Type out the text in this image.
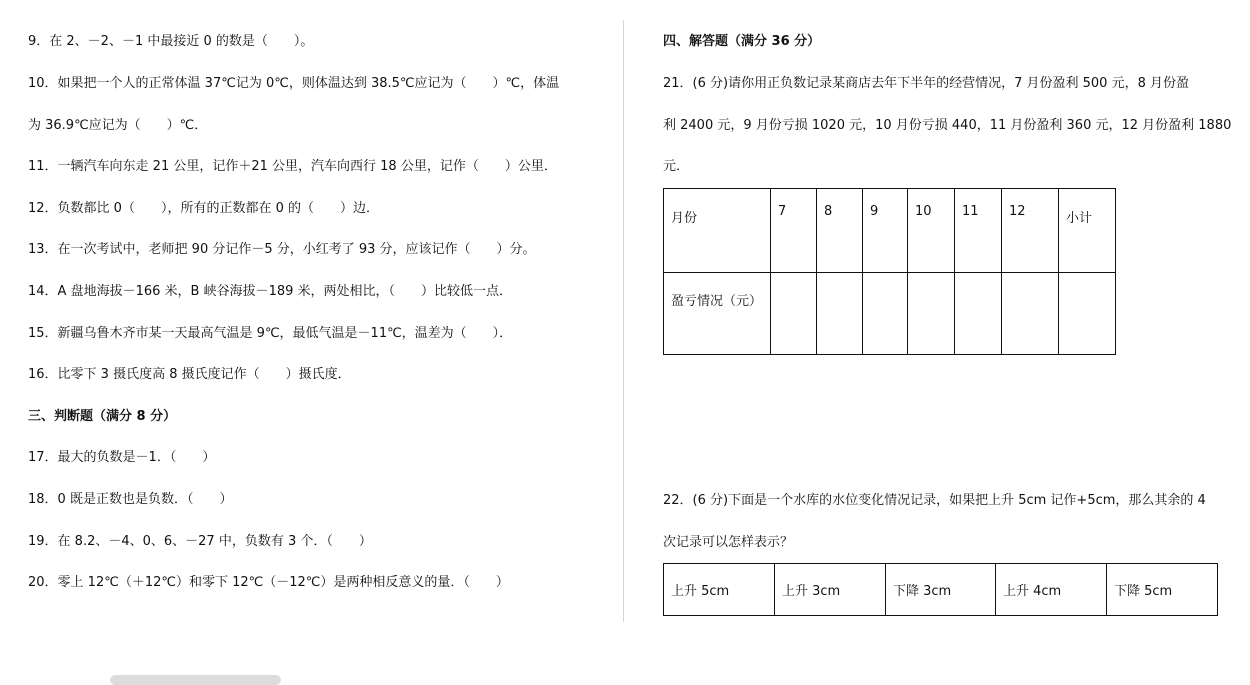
9．在 2、－2、－1 中最接近 0 的数是（　　）。
10．如果把一个人的正常体温 37℃记为 0℃，则体温达到 38.5℃应记为（　　）℃，体温
为 36.9℃应记为（　　）℃．
11．一辆汽车向东走 21 公里，记作＋21 公里，汽车向西行 18 公里，记作（　　）公里．
12．负数都比 0（　　），所有的正数都在 0 的（　　）边．
13．在一次考试中，老师把 90 分记作－5 分，小红考了 93 分，应该记作（　　）分。
14．A 盘地海拔－166 米，B 峡谷海拔－189 米，两处相比，（　　）比较低一点．
15．新疆乌鲁木齐市某一天最高气温是 9℃，最低气温是－11℃，温差为（　　）．
16．比零下 3 摄氏度高 8 摄氏度记作（　　）摄氏度．
三、判断题（满分 8 分）
17．最大的负数是－1．（　　）
18．0 既是正数也是负数．（　　）
19．在 8.2、－4、0、6、－27 中，负数有 3 个．（　　）
20．零上 12℃（＋12℃）和零下 12℃（－12℃）是两种相反意义的量．（　　）
四、解答题（满分 36 分）
21．(6 分)请你用正负数记录某商店去年下半年的经营情况，7 月份盈利 500 元，8 月份盈
利 2400 元，9 月份亏损 1020 元，10 月份亏损 440，11 月份盈利 360 元，12 月份盈利 1880
元．
月份	7	8	9	10	11	12	小计

盈亏情况（元）							

22．(6 分)下面是一个水库的水位变化情况记录，如果把上升 5cm 记作+5cm，那么其余的 4
次记录可以怎样表示？
上升 5cm	上升 3cm	下降 3cm	上升 4cm	下降 5cm
